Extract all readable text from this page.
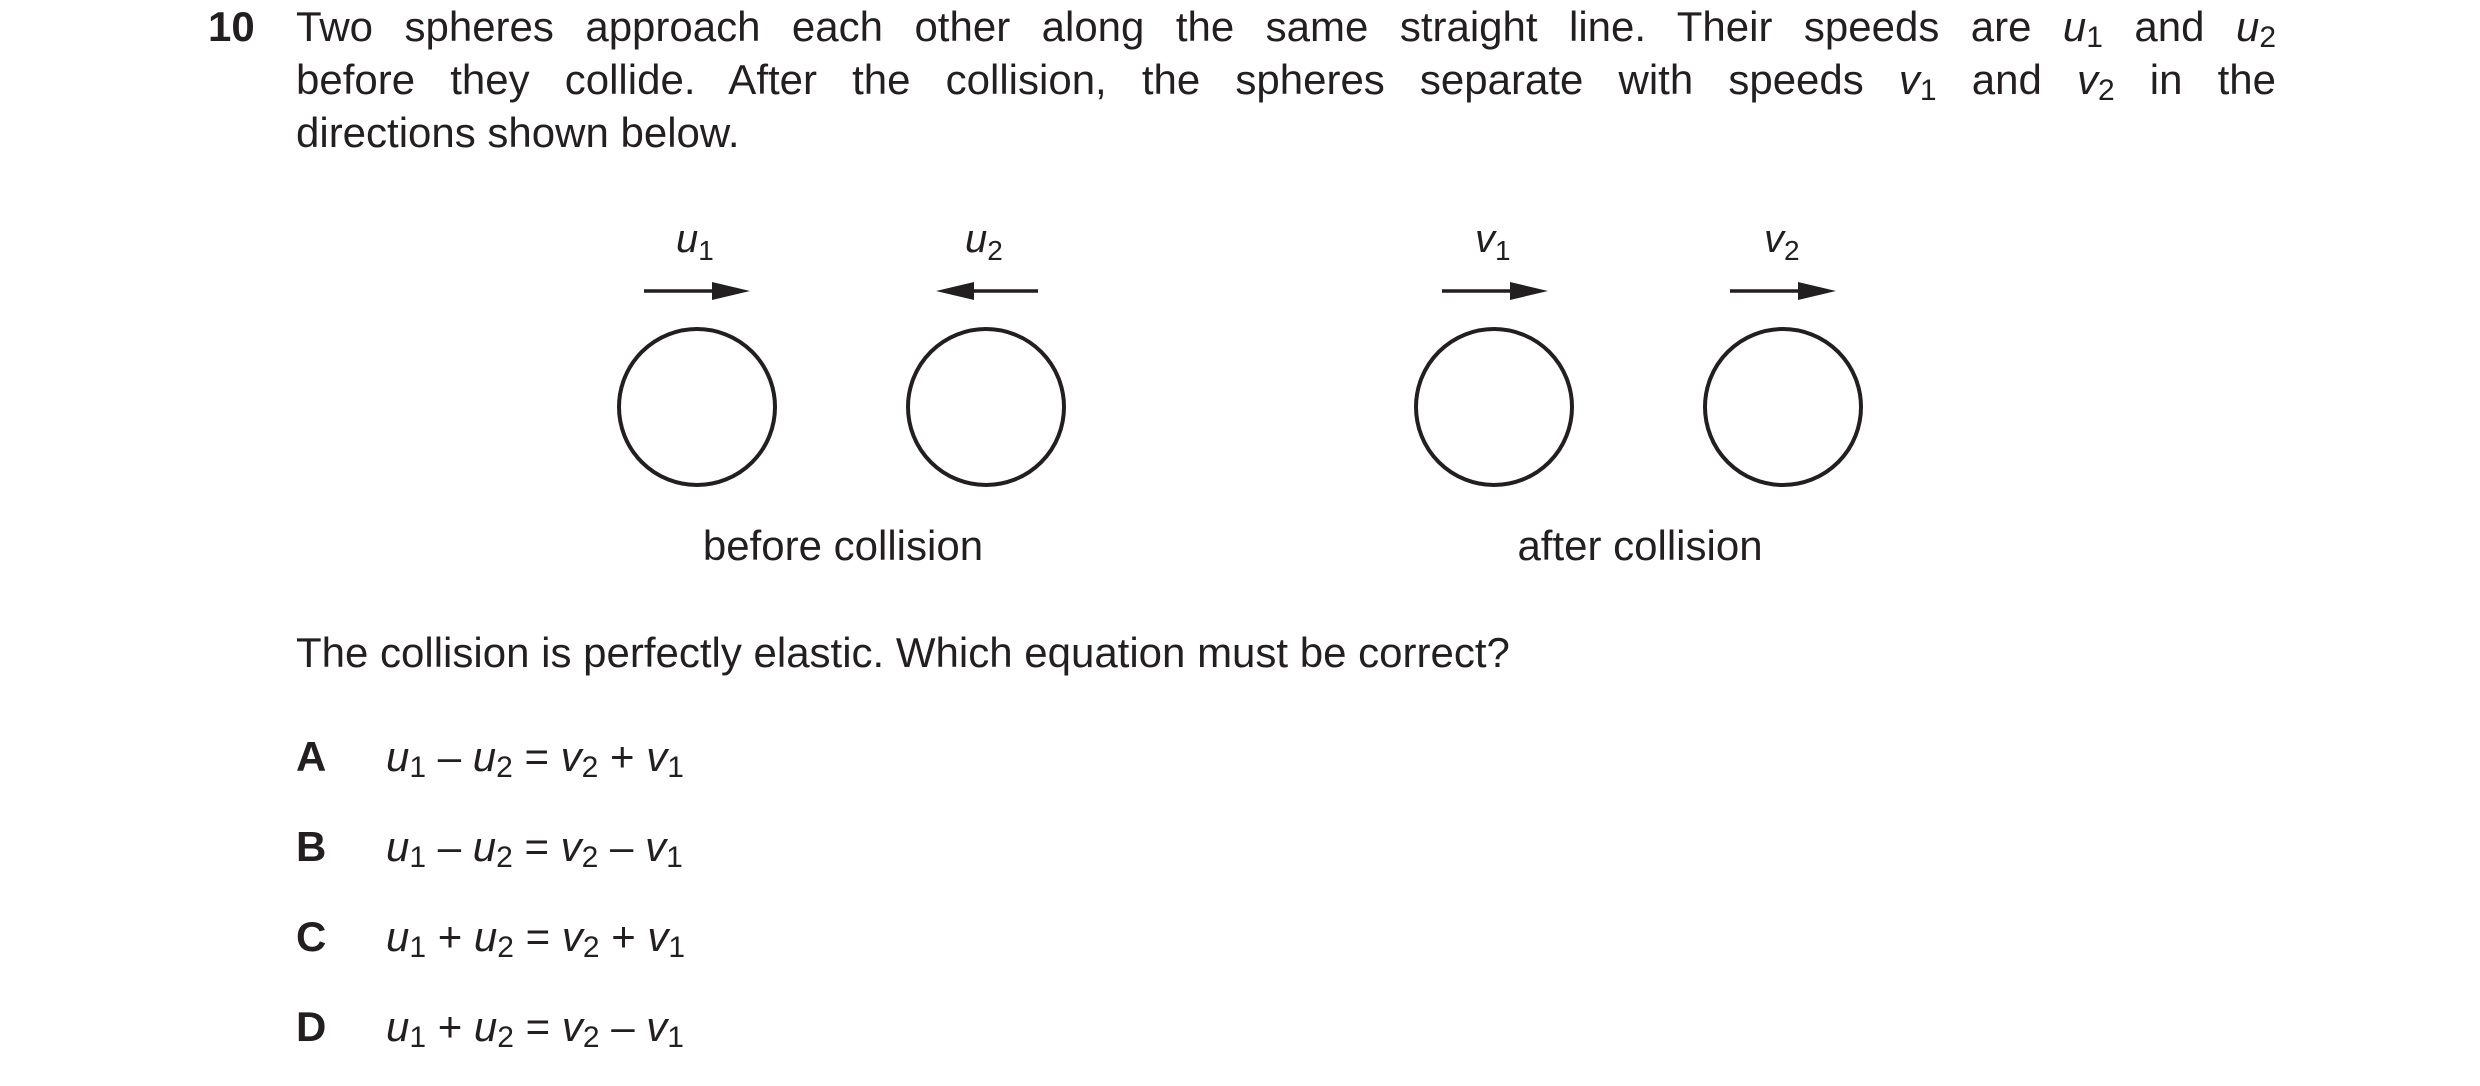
10 Two spheres approach each other along the same straight line. Their speeds are $u_1$ and $u_2$
before they collide. After the collision, the spheres separate with speeds $v_1$ and $v_2$ in the
directions shown below.
$u_1$	$u_2$	$v_1$	$v_2$
before collision	after collision
The collision is perfectly elastic. Which equation must be correct?
A	$u_1 - u_2 = v_2 + v_1$
B	$u_1 - u_2 = v_2 - v_1$
C	$u_1 + u_2 = v_2 + v_1$
D	$u_1 + u_2 = v_2 - v_1$
